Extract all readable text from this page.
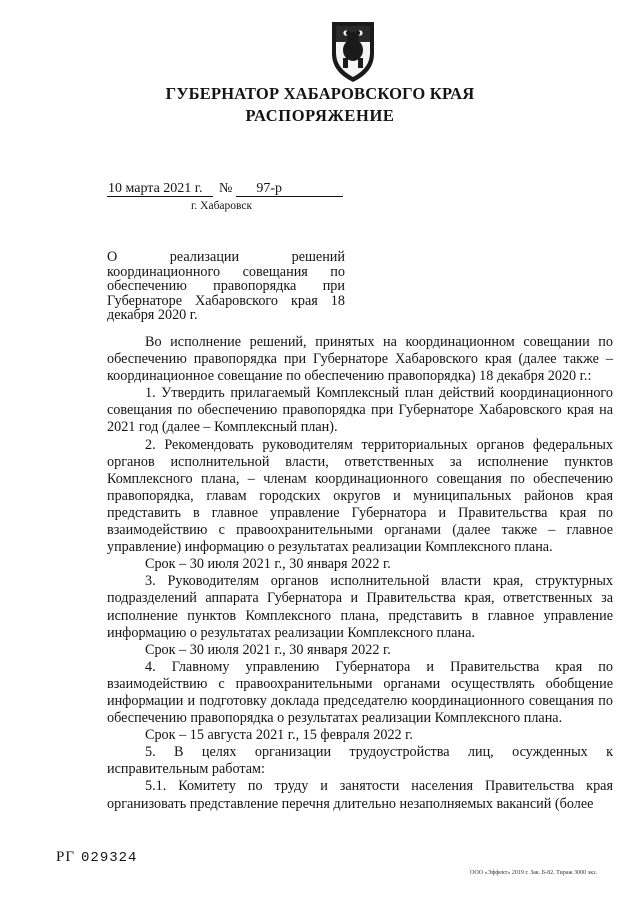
ГУБЕРНАТОР ХАБАРОВСКОГО КРАЯ
РАСПОРЯЖЕНИЕ
10 марта 2021 г. № 97-р
г. Хабаровск
О реализации решений координационного совещания по обеспечению правопорядка при Губернаторе Хабаровского края 18 декабря 2020 г.

Во исполнение решений, принятых на координационном совещании по обеспечению правопорядка при Губернаторе Хабаровского края (далее также – координационное совещание по обеспечению правопорядка) 18 декабря 2020 г.:

1. Утвердить прилагаемый Комплексный план действий координационного совещания по обеспечению правопорядка при Губернаторе Хабаровского края на 2021 год (далее – Комплексный план).

2. Рекомендовать руководителям территориальных органов федеральных органов исполнительной власти, ответственных за исполнение пунктов Комплексного плана, – членам координационного совещания по обеспечению правопорядка, главам городских округов и муниципальных районов края представить в главное управление Губернатора и Правительства края по взаимодействию с правоохранительными органами (далее также – главное управление) информацию о результатах реализации Комплексного плана.

Срок – 30 июля 2021 г., 30 января 2022 г.

3. Руководителям органов исполнительной власти края, структурных подразделений аппарата Губернатора и Правительства края, ответственных за исполнение пунктов Комплексного плана, представить в главное управление информацию о результатах реализации Комплексного плана.

Срок – 30 июля 2021 г., 30 января 2022 г.

4. Главному управлению Губернатора и Правительства края по взаимодействию с правоохранительными органами осуществлять обобщение информации и подготовку доклада председателю координационного совещания по обеспечению правопорядка о результатах реализации Комплексного плана.

Срок – 15 августа 2021 г., 15 февраля 2022 г.

5. В целях организации трудоустройства лиц, осужденных к исправительным работам:

5.1. Комитету по труду и занятости населения Правительства края организовать представление перечня длительно незаполняемых вакансий (более

РГ 029324
ООО «Эффект» 2019 г. Зак. Б-82. Тираж 3000 экз.
